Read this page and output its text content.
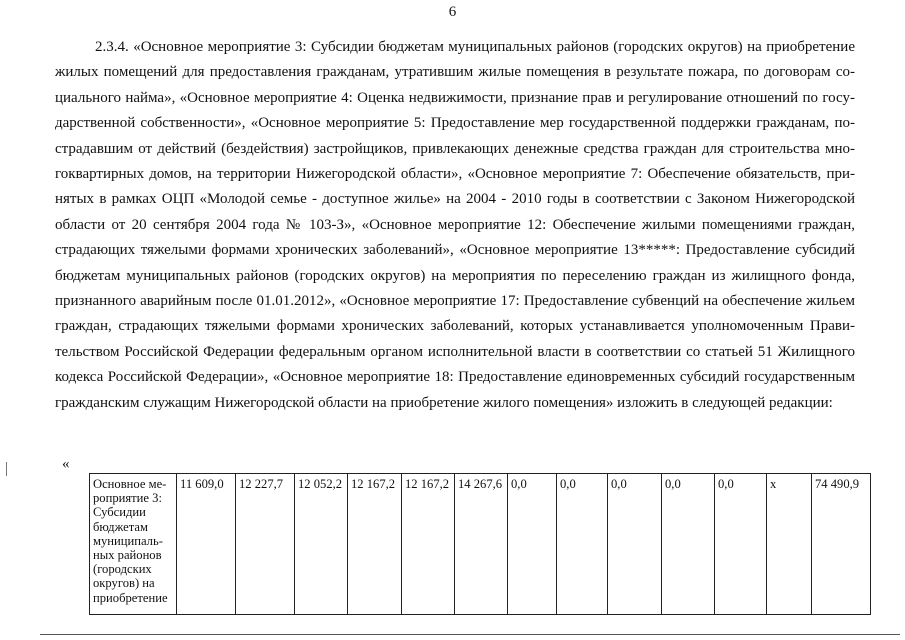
6

2.3.4. «Основное мероприятие 3: Субсидии бюджетам муниципальных районов (городских округов) на приобретение жилых помещений для предоставления гражданам, утратившим жилые помещения в результате пожара, по договорам социального найма», «Основное мероприятие 4: Оценка недвижимости, признание прав и регулирование отношений по государственной собственности», «Основное мероприятие 5: Предоставление мер государственной поддержки гражданам, пострадавшим от действий (бездействия) застройщиков, привлекающих денежные средства граждан для строительства многоквартирных домов, на территории Нижегородской области», «Основное мероприятие 7: Обеспечение обязательств, принятых в рамках ОЦП «Молодой семье - доступное жилье» на 2004 - 2010 годы в соответствии с Законом Нижегородской области от 20 сентября 2004 года № 103-З», «Основное мероприятие 12: Обеспечение жилыми помещениями граждан, страдающих тяжелыми формами хронических заболеваний», «Основное мероприятие 13*****: Предоставление субсидий бюджетам муниципальных районов (городских округов) на мероприятия по переселению граждан из жилищного фонда, признанного аварийным после 01.01.2012», «Основное мероприятие 17: Предоставление субвенций на обеспечение жильем граждан, страдающих тяжелыми формами хронических заболеваний, которых устанавливается уполномоченным Правительством Российской Федерации федеральным органом исполнительной власти в соответствии со статьей 51 Жилищного кодекса Российской Федерации», «Основное мероприятие 18: Предоставление единовременных субсидий государственным гражданским служащим Нижегородской области на приобретение жилого помещения» изложить в следующей редакции:

«
Основное мероприятие 3: Субсидии бюджетам муниципальных районов (городских округов) на приобретение	11 609,0	12 227,7	12 052,2	12 167,2	12 167,2	14 267,6	0,0	0,0	0,0	0,0	0,0	х	74 490,9
